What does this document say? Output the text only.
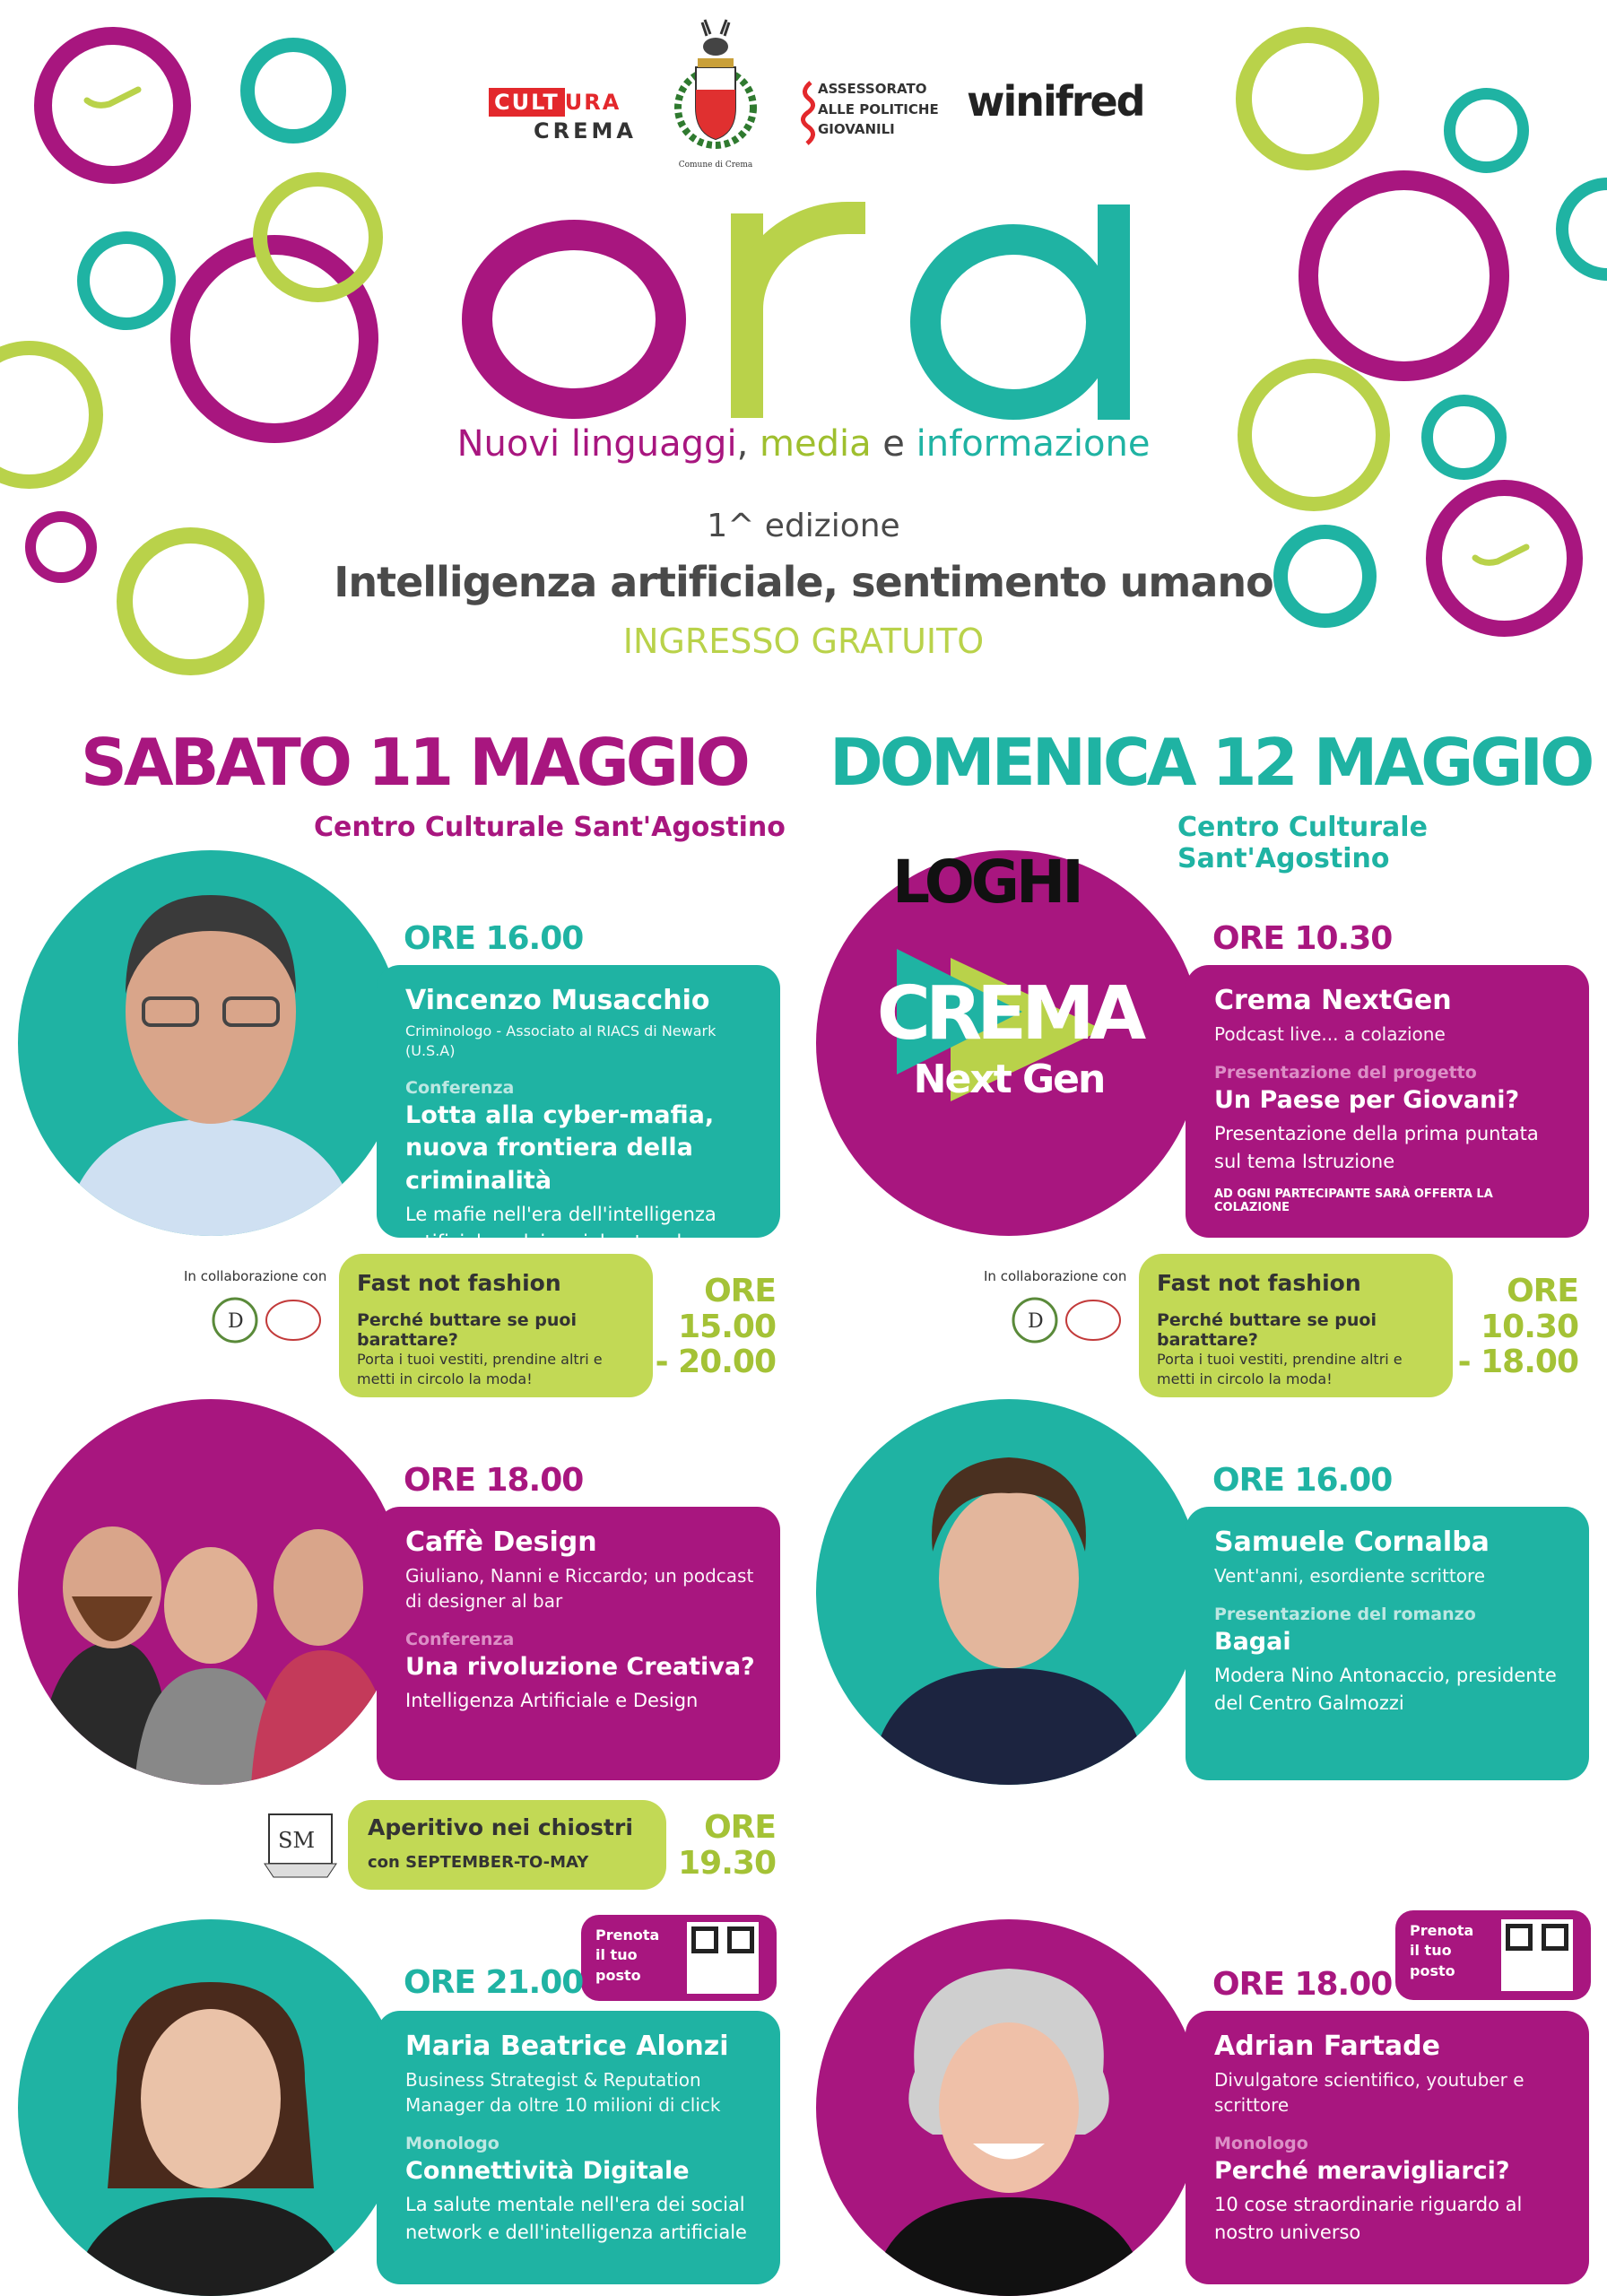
CULT URA
CREMA
Comune di Crema
ASSESSORATO
ALLE POLITICHE
GIOVANILI
winifred
Nuovi linguaggi, media e informazione
1^ edizione
Intelligenza artificiale, sentimento umano
INGRESSO GRATUITO
SABATO 11 MAGGIO
Centro Culturale Sant'Agostino
ORE 16.00
Vincenzo Musacchio
Criminologo - Associato al RIACS di Newark (U.S.A)
Conferenza
Lotta alla cyber-mafia, nuova frontiera della criminalità
Le mafie nell'era dell'intelligenza artificiale e dei social network
In collaborazione con
D
Fast not fashion
Perché buttare se puoi barattare?
Porta i tuoi vestiti, prendine altri e metti in circolo la moda!
ORE
15.00
- 20.00
ORE 18.00
Caffè Design
Giuliano, Nanni e Riccardo; un podcast di designer al bar
Conferenza
Una rivoluzione Creativa?
Intelligenza Artificiale e Design
SM Aperitivo nei chiostri
con SEPTEMBER-TO-MAY
ORE
19.30
Prenota il tuo posto
ORE 21.00
Maria Beatrice Alonzi
Business Strategist & Reputation Manager da oltre 10 milioni di click
Monologo
Connettività Digitale
La salute mentale nell'era dei social network e dell'intelligenza artificiale
DOMENICA 12 MAGGIO
Centro Culturale Sant'Agostino
CREMA
Next Gen
LOGHI
ORE 10.30
Crema NextGen
Podcast live... a colazione
Presentazione del progetto
Un Paese per Giovani?
Presentazione della prima puntata sul tema Istruzione
AD OGNI PARTECIPANTE SARÀ OFFERTA LA COLAZIONE
In collaborazione con
D
Fast not fashion
Perché buttare se puoi barattare?
Porta i tuoi vestiti, prendine altri e metti in circolo la moda!
ORE
10.30
- 18.00
ORE 16.00
Samuele Cornalba
Vent'anni, esordiente scrittore
Presentazione del romanzo
Bagai
Modera Nino Antonaccio, presidente del Centro Galmozzi
Prenota il tuo posto
ORE 18.00
Adrian Fartade
Divulgatore scientifico, youtuber e scrittore
Monologo
Perché meravigliarci?
10 cose straordinarie riguardo al nostro universo
